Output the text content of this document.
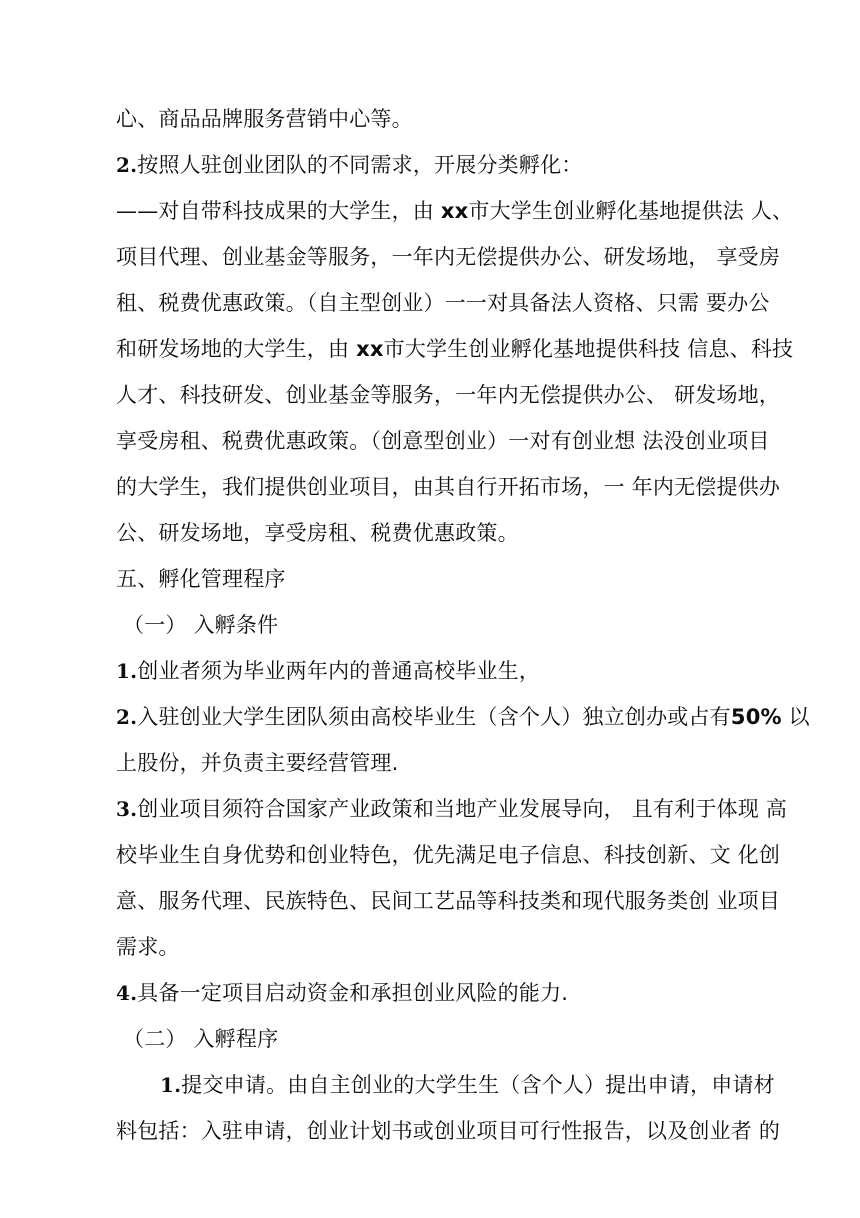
心、商品品牌服务营销中心等。
2.按照人驻创业团队的不同需求，开展分类孵化：
——对自带科技成果的大学生，由 xx市大学生创业孵化基地提供法 人、
项目代理、创业基金等服务，一年内无偿提供办公、研发场地， 享受房
租、税费优惠政策。（自主型创业）一一对具备法人资格、只需 要办公
和研发场地的大学生，由 xx市大学生创业孵化基地提供科技 信息、科技
人才、科技研发、创业基金等服务，一年内无偿提供办公、 研发场地，
享受房租、税费优惠政策。（创意型创业）一对有创业想 法没创业项目
的大学生，我们提供创业项目，由其自行开拓市场，一 年内无偿提供办
公、研发场地，享受房租、税费优惠政策。
五、孵化管理程序
（一） 入孵条件
1.创业者须为毕业两年内的普通高校毕业生，
2.入驻创业大学生团队须由高校毕业生（含个人）独立创办或占有50% 以
上股份，并负责主要经营管理.
3.创业项目须符合国家产业政策和当地产业发展导向， 且有利于体现 高
校毕业生自身优势和创业特色，优先满足电子信息、科技创新、文 化创
意、服务代理、民族特色、民间工艺品等科技类和现代服务类创 业项目
需求。
4.具备一定项目启动资金和承担创业风险的能力.
（二） 入孵程序
1.提交申请。由自主创业的大学生生（含个人）提出申请，申请材
料包括：入驻申请，创业计划书或创业项目可行性报告，以及创业者 的
